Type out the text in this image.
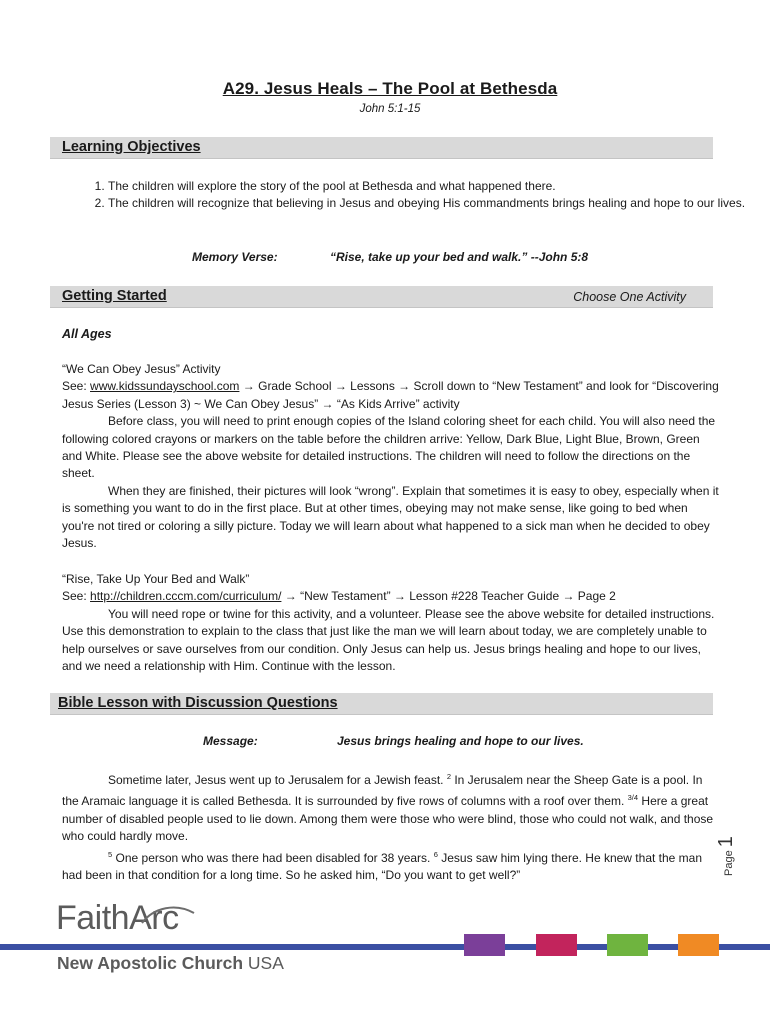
A29. Jesus Heals – The Pool at Bethesda
John 5:1-15
Learning Objectives
1. The children will explore the story of the pool at Bethesda and what happened there.
2. The children will recognize that believing in Jesus and obeying His commandments brings healing and hope to our lives.
Memory Verse:	“Rise, take up your bed and walk.” --John 5:8
Getting Started	Choose One Activity
All Ages

“We Can Obey Jesus” Activity

See: www.kidssundayschool.com → Grade School → Lessons → Scroll down to “New Testament” and look for “Discovering Jesus Series (Lesson 3) ~ We Can Obey Jesus” → “As Kids Arrive” activity

Before class, you will need to print enough copies of the Island coloring sheet for each child. You will also need the following colored crayons or markers on the table before the children arrive: Yellow, Dark Blue, Light Blue, Brown, Green and White. Please see the above website for detailed instructions. The children will need to follow the directions on the sheet.

When they are finished, their pictures will look “wrong”. Explain that sometimes it is easy to obey, especially when it is something you want to do in the first place. But at other times, obeying may not make sense, like going to bed when you're not tired or coloring a silly picture. Today we will learn about what happened to a sick man when he decided to obey Jesus.

“Rise, Take Up Your Bed and Walk”

See: http://children.cccm.com/curriculum/ → “New Testament” → Lesson #228 Teacher Guide → Page 2

You will need rope or twine for this activity, and a volunteer. Please see the above website for detailed instructions. Use this demonstration to explain to the class that just like the man we will learn about today, we are completely unable to help ourselves or save ourselves from our condition. Only Jesus can help us. Jesus brings healing and hope to our lives, and we need a relationship with Him. Continue with the lesson.

Bible Lesson with Discussion Questions
Message:	Jesus brings healing and hope to our lives.

Sometime later, Jesus went up to Jerusalem for a Jewish feast. $^2$ In Jerusalem near the Sheep Gate is a pool. In the Aramaic language it is called Bethesda. It is surrounded by five rows of columns with a roof over them. $^{3/4}$ Here a great number of disabled people used to lie down. Among them were those who were blind, those who could not walk, and those who could hardly move.

$^5$ One person who was there had been disabled for 38 years. $^6$ Jesus saw him lying there. He knew that the man had been in that condition for a long time. So he asked him, “Do you want to get well?”	Page1
FaithArc
New Apostolic Church USA
